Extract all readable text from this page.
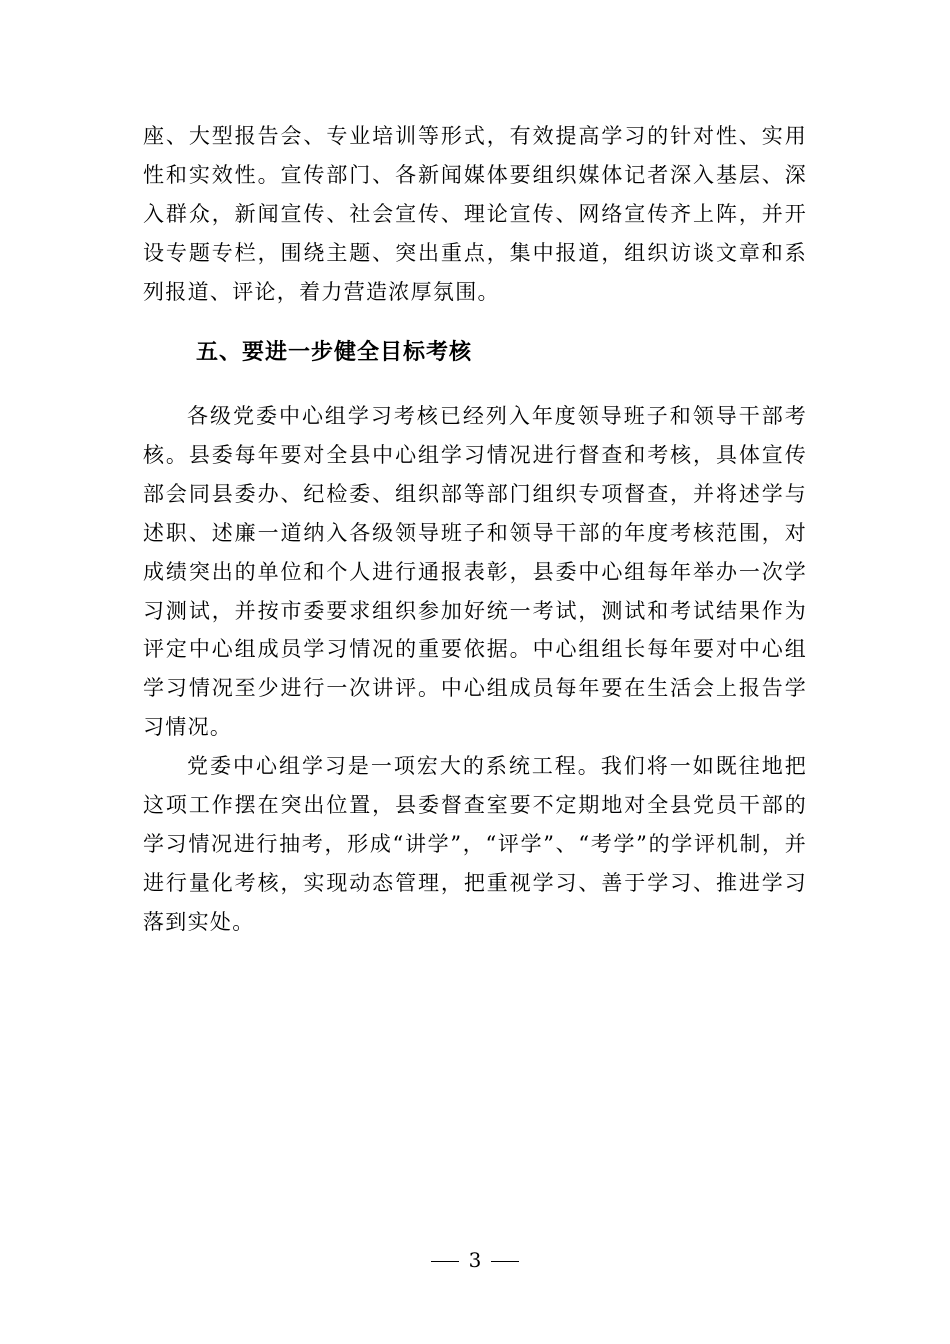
座、大型报告会、专业培训等形式，有效提高学习的针对性、实用性和实效性。宣传部门、各新闻媒体要组织媒体记者深入基层、深入群众，新闻宣传、社会宣传、理论宣传、网络宣传齐上阵，并开设专题专栏，围绕主题、突出重点，集中报道，组织访谈文章和系列报道、评论，着力营造浓厚氛围。

五、要进一步健全目标考核

各级党委中心组学习考核已经列入年度领导班子和领导干部考核。县委每年要对全县中心组学习情况进行督查和考核，具体宣传部会同县委办、纪检委、组织部等部门组织专项督查，并将述学与述职、述廉一道纳入各级领导班子和领导干部的年度考核范围，对成绩突出的单位和个人进行通报表彰，县委中心组每年举办一次学习测试，并按市委要求组织参加好统一考试，测试和考试结果作为评定中心组成员学习情况的重要依据。中心组组长每年要对中心组学习情况至少进行一次讲评。中心组成员每年要在生活会上报告学习情况。

党委中心组学习是一项宏大的系统工程。我们将一如既往地把这项工作摆在突出位置，县委督查室要不定期地对全县党员干部的学习情况进行抽考，形成“讲学”，“评学”、“考学”的学评机制，并进行量化考核，实现动态管理，把重视学习、善于学习、推进学习落到实处。

3
